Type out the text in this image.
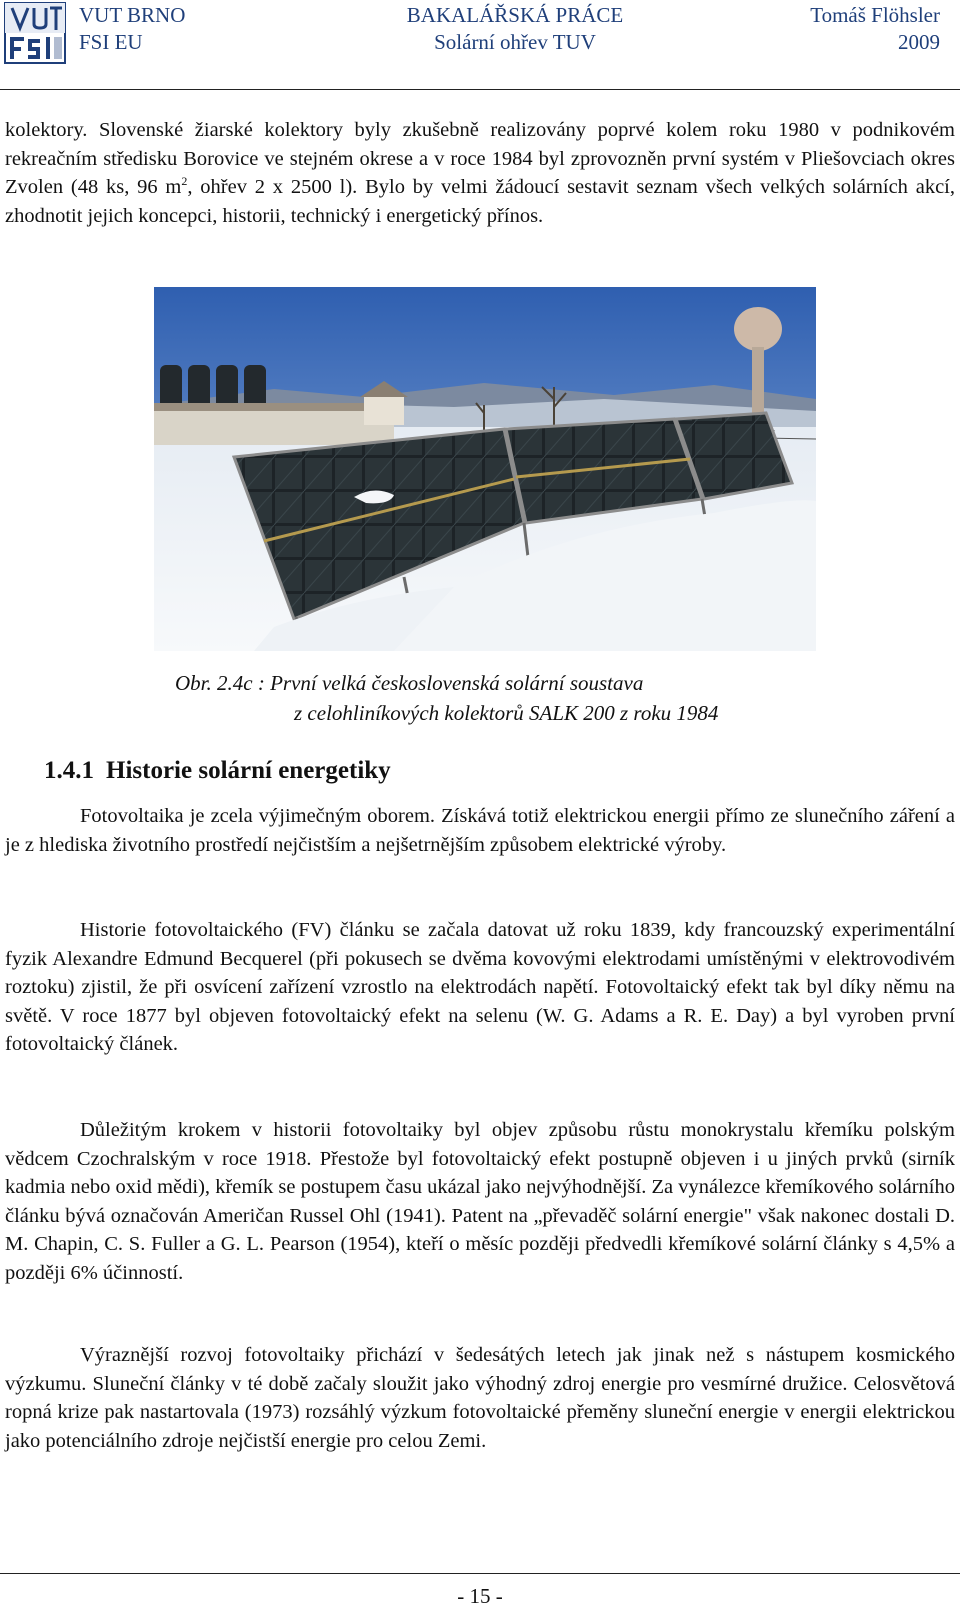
VUT BRNO
FSI EU
BAKALÁŘSKÁ PRÁCE
Solární ohřev TUV
Tomáš Flöhsler
2009
kolektory. Slovenské žiarské kolektory byly zkušebně realizovány poprvé kolem roku 1980 v podnikovém rekreačním středisku Borovice ve stejném okrese a v roce 1984 byl zprovozněn první systém v Pliešovciach okres Zvolen (48 ks, 96 $m^2$, ohřev 2 x 2500 l). Bylo by velmi žádoucí sestavit seznam všech velkých solárních akcí, zhodnotit jejich koncepci, historii, technický i energetický přínos.
Obr. 2.4c : První velká československá solární soustava
z celohliníkových kolektorů SALK 200 z roku 1984
1.4.1 Historie solární energetiky
Fotovoltaika je zcela výjimečným oborem. Získává totiž elektrickou energii přímo ze slunečního záření a je z hlediska životního prostředí nejčistším a nejšetrnějším způsobem elektrické výroby.
Historie fotovoltaického (FV) článku se začala datovat už roku 1839, kdy francouzský experimentální fyzik Alexandre Edmund Becquerel (při pokusech se dvěma kovovými elektrodami umístěnými v elektrovodivém roztoku) zjistil, že při osvícení zařízení vzrostlo na elektrodách napětí. Fotovoltaický efekt tak byl díky němu na světě. V roce 1877 byl objeven fotovoltaický efekt na selenu (W. G. Adams a R. E. Day) a byl vyroben první fotovoltaický článek.
Důležitým krokem v historii fotovoltaiky byl objev způsobu růstu monokrystalu křemíku polským vědcem Czochralským v roce 1918. Přestože byl fotovoltaický efekt postupně objeven i u jiných prvků (sirník kadmia nebo oxid mědi), křemík se postupem času ukázal jako nejvýhodnější. Za vynálezce křemíkového solárního článku bývá označován Američan Russel Ohl (1941). Patent na „převaděč solární energie" však nakonec dostali D. M. Chapin, C. S. Fuller a G. L. Pearson (1954), kteří o měsíc později předvedli křemíkové solární články s 4,5% a později 6% účinností.
Výraznější rozvoj fotovoltaiky přichází v šedesátých letech jak jinak než s nástupem kosmického výzkumu. Sluneční články v té době začaly sloužit jako výhodný zdroj energie pro vesmírné družice. Celosvětová ropná krize pak nastartovala (1973) rozsáhlý výzkum fotovoltaické přeměny sluneční energie v energii elektrickou jako potenciálního zdroje nejčistší energie pro celou Zemi.
- 15 -
